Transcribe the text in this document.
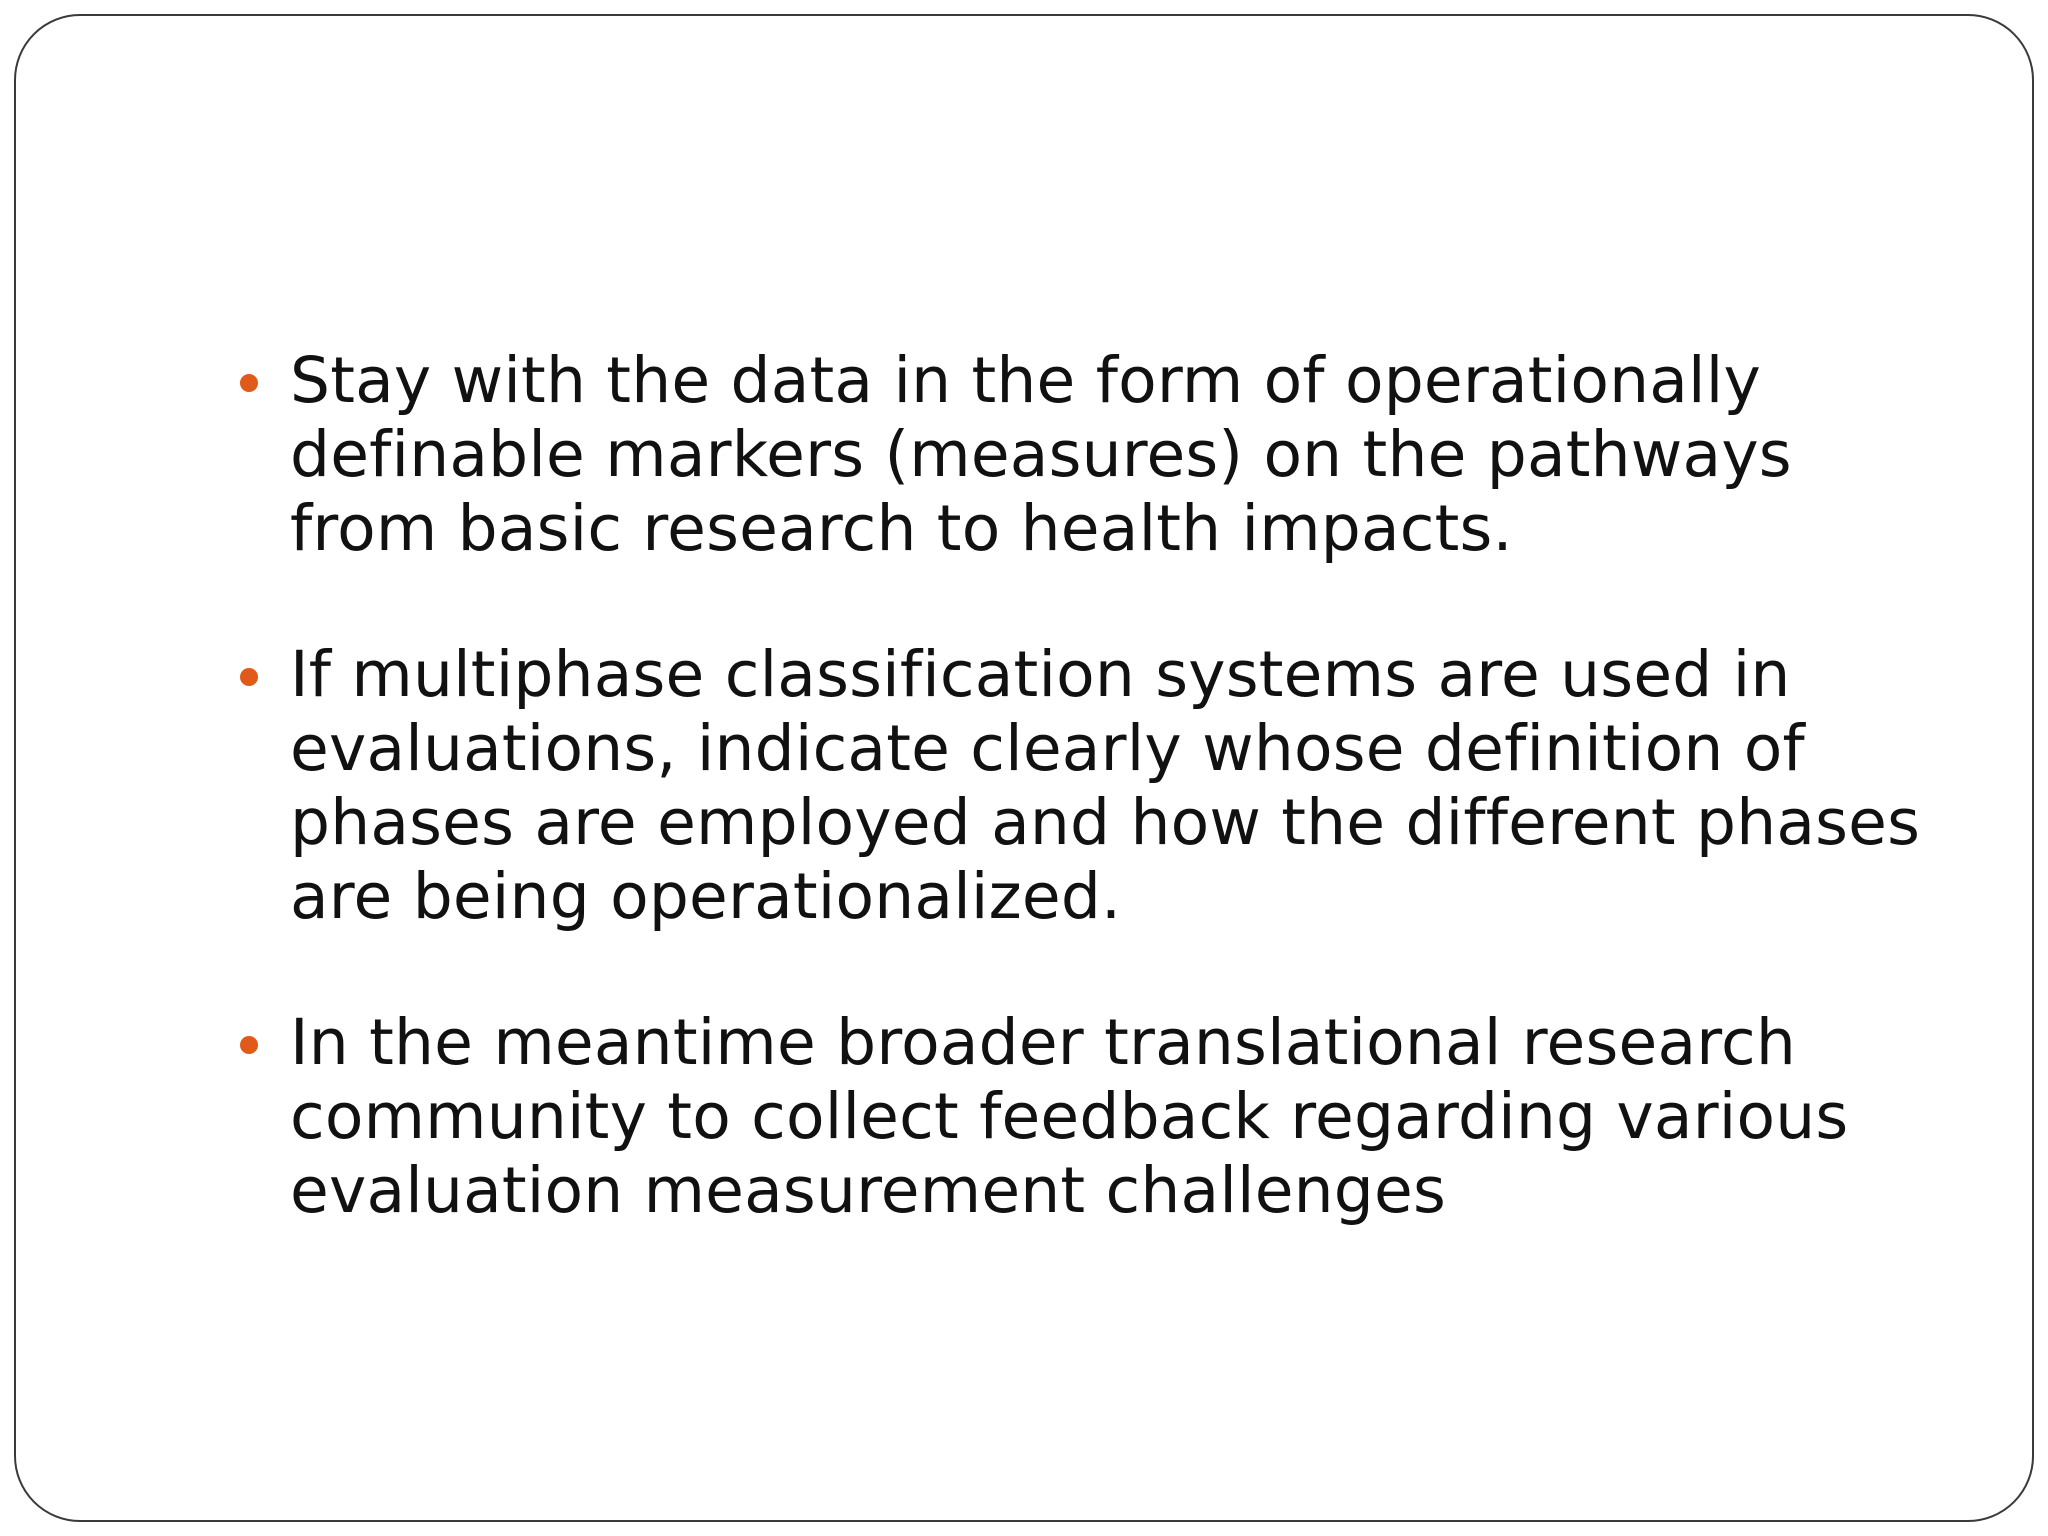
Stay with the data in the form of operationally
definable markers (measures) on the pathways
from basic research to health impacts.
If multiphase classification systems are used in
evaluations, indicate clearly whose definition of
phases are employed and how the different phases
are being operationalized.
In the meantime broader translational research
community to collect feedback regarding various
evaluation measurement challenges
